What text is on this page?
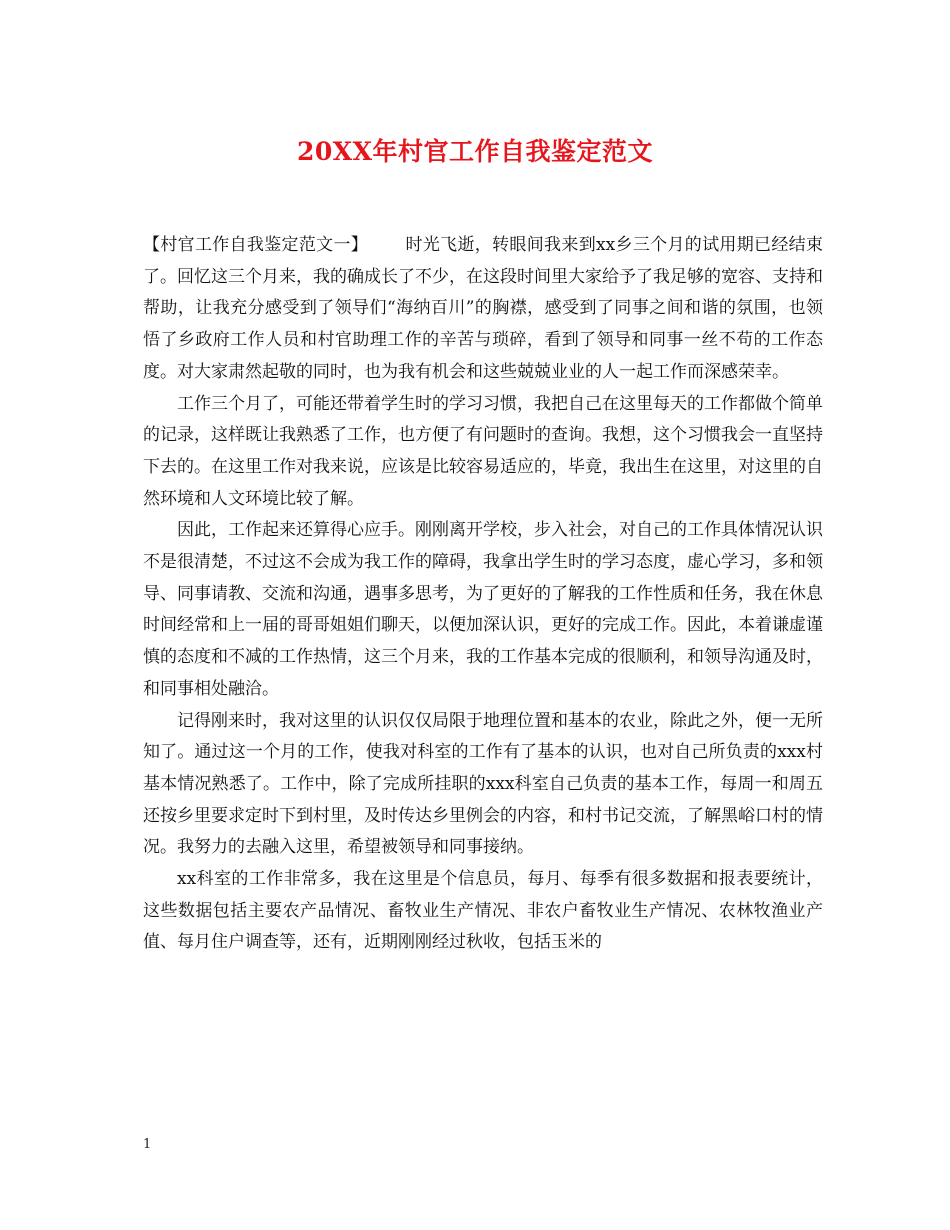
20XX年村官工作自我鉴定范文

【村官工作自我鉴定范文一】 时光飞逝，转眼间我来到xx乡三个月的试用期已经结束了。回忆这三个月来，我的确成长了不少，在这段时间里大家给予了我足够的宽容、支持和帮助，让我充分感受到了领导们“海纳百川”的胸襟，感受到了同事之间和谐的氛围，也领悟了乡政府工作人员和村官助理工作的辛苦与琐碎，看到了领导和同事一丝不苟的工作态度。对大家肃然起敬的同时，也为我有机会和这些兢兢业业的人一起工作而深感荣幸。

工作三个月了，可能还带着学生时的学习习惯，我把自己在这里每天的工作都做个简单的记录，这样既让我熟悉了工作，也方便了有问题时的查询。我想，这个习惯我会一直坚持下去的。在这里工作对我来说，应该是比较容易适应的，毕竟，我出生在这里，对这里的自然环境和人文环境比较了解。

因此，工作起来还算得心应手。刚刚离开学校，步入社会，对自己的工作具体情况认识不是很清楚，不过这不会成为我工作的障碍，我拿出学生时的学习态度，虚心学习，多和领导、同事请教、交流和沟通，遇事多思考，为了更好的了解我的工作性质和任务，我在休息时间经常和上一届的哥哥姐姐们聊天，以便加深认识，更好的完成工作。因此，本着谦虚谨慎的态度和不减的工作热情，这三个月来，我的工作基本完成的很顺利，和领导沟通及时，和同事相处融洽。

记得刚来时，我对这里的认识仅仅局限于地理位置和基本的农业，除此之外，便一无所知了。通过这一个月的工作，使我对科室的工作有了基本的认识，也对自己所负责的xxx村基本情况熟悉了。工作中，除了完成所挂职的xxx科室自己负责的基本工作，每周一和周五还按乡里要求定时下到村里，及时传达乡里例会的内容，和村书记交流，了解黑峪口村的情况。我努力的去融入这里，希望被领导和同事接纳。

xx科室的工作非常多，我在这里是个信息员，每月、每季有很多数据和报表要统计，这些数据包括主要农产品情况、畜牧业生产情况、非农户畜牧业生产情况、农林牧渔业产值、每月住户调查等，还有，近期刚刚经过秋收，包括玉米的

1
